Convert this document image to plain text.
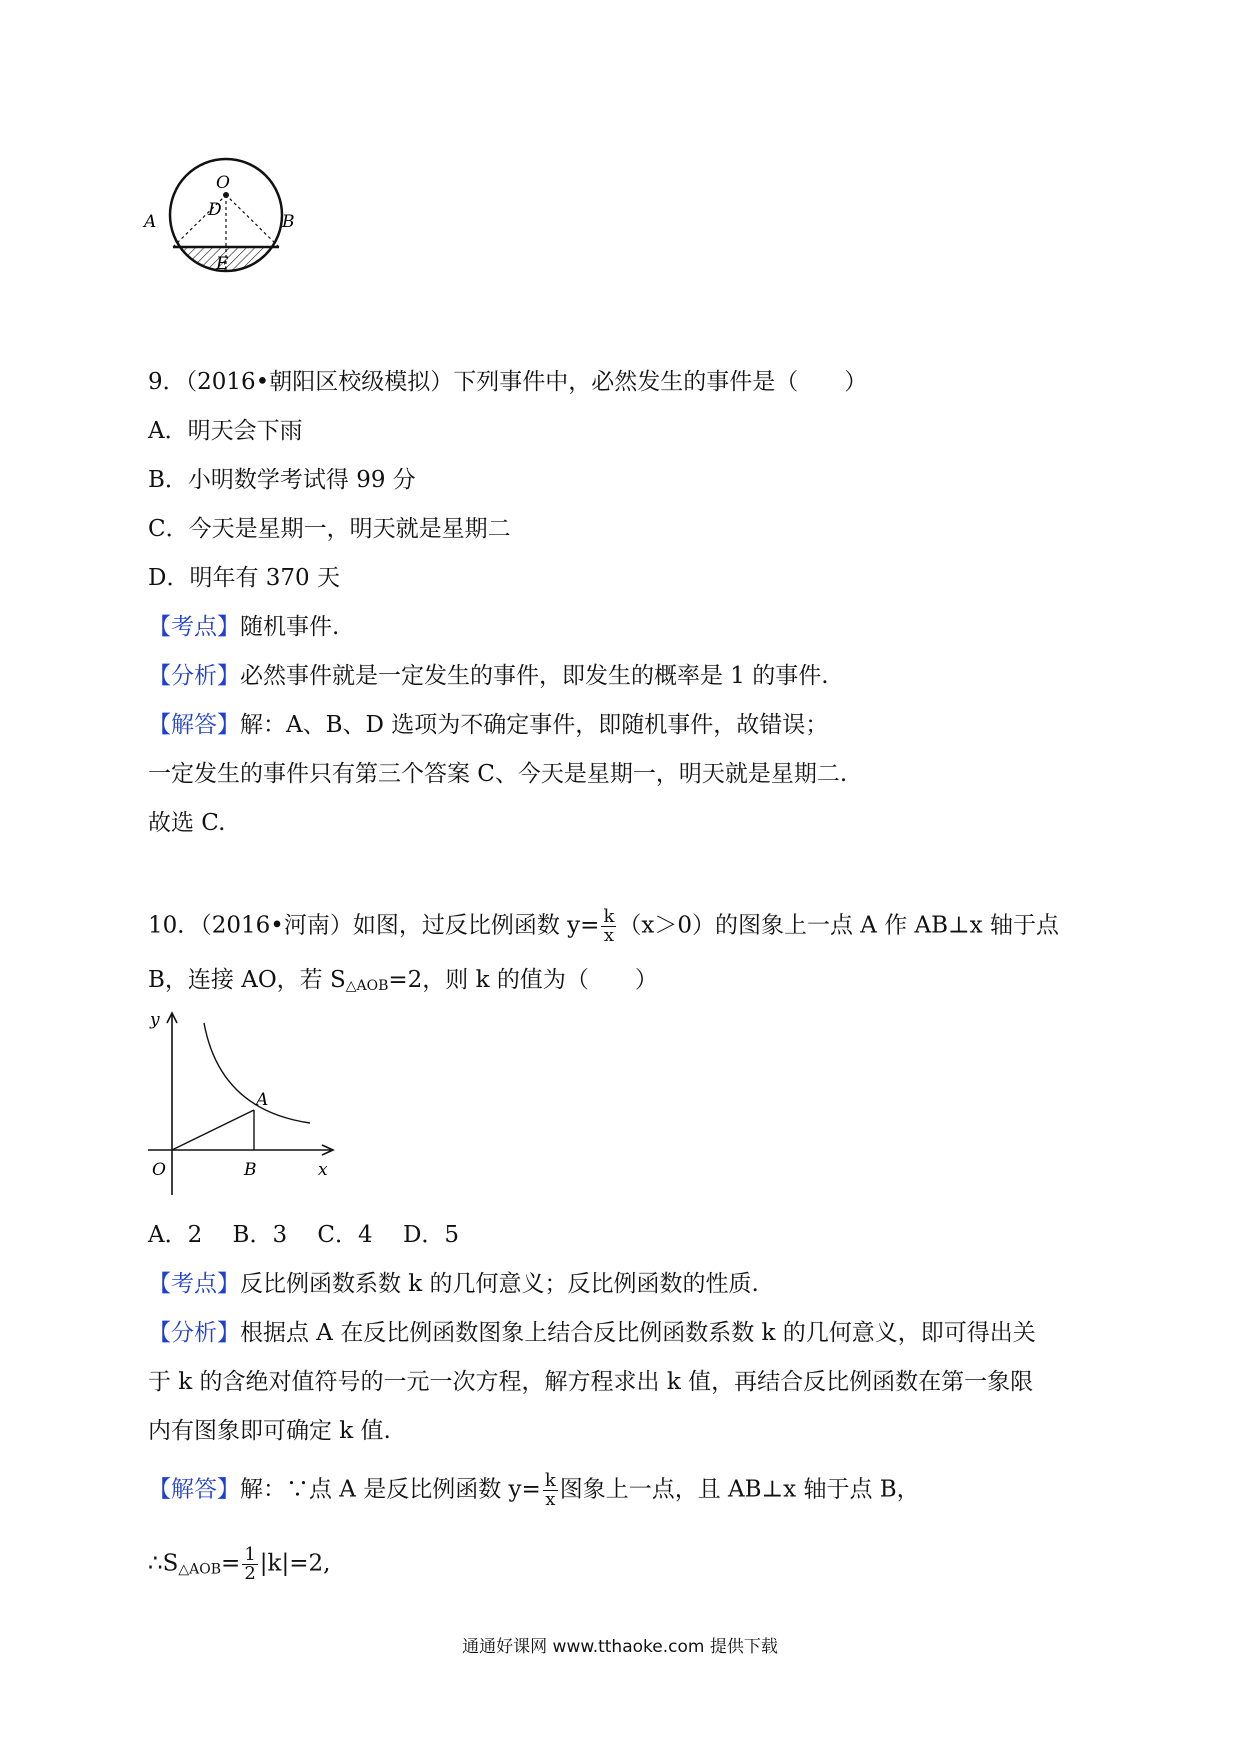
O
D
A	B
E
9．（2016•朝阳区校级模拟）下列事件中，必然发生的事件是（　　）
A．明天会下雨
B．小明数学考试得 99 分
C．今天是星期一，明天就是星期二
D．明年有 370 天
【考点】随机事件.
【分析】必然事件就是一定发生的事件，即发生的概率是 1 的事件.
【解答】解：A、B、D 选项为不确定事件，即随机事件，故错误；
一定发生的事件只有第三个答案 C、今天是星期一，明天就是星期二.
故选 C.
10．（2016•河南）如图，过反比例函数 $y= \frac{k}{x} (x>0)$的图象上一点 A 作 AB⊥x 轴于点
B，连接 AO，若 $S_{\triangle AOB}=2$，则 k 的值为（　　）
y
x
O
A
B
A．2　 B．3　 C．4　 D．5
【考点】反比例函数系数 k 的几何意义；反比例函数的性质.
【分析】根据点 A 在反比例函数图象上结合反比例函数系数 k 的几何意义，即可得出关
于 k 的含绝对值符号的一元一次方程，解方程求出 k 值，再结合反比例函数在第一象限
内有图象即可确定 k 值.
【解答】解：∵点 A 是反比例函数 $y= \frac{k}{x}$ 图象上一点，且 AB⊥x 轴于点 B，
$\therefore S_{\triangle AOB}= \frac{1}{2} |k|=2$,
通通好课网 www.tthaoke.com 提供下载
